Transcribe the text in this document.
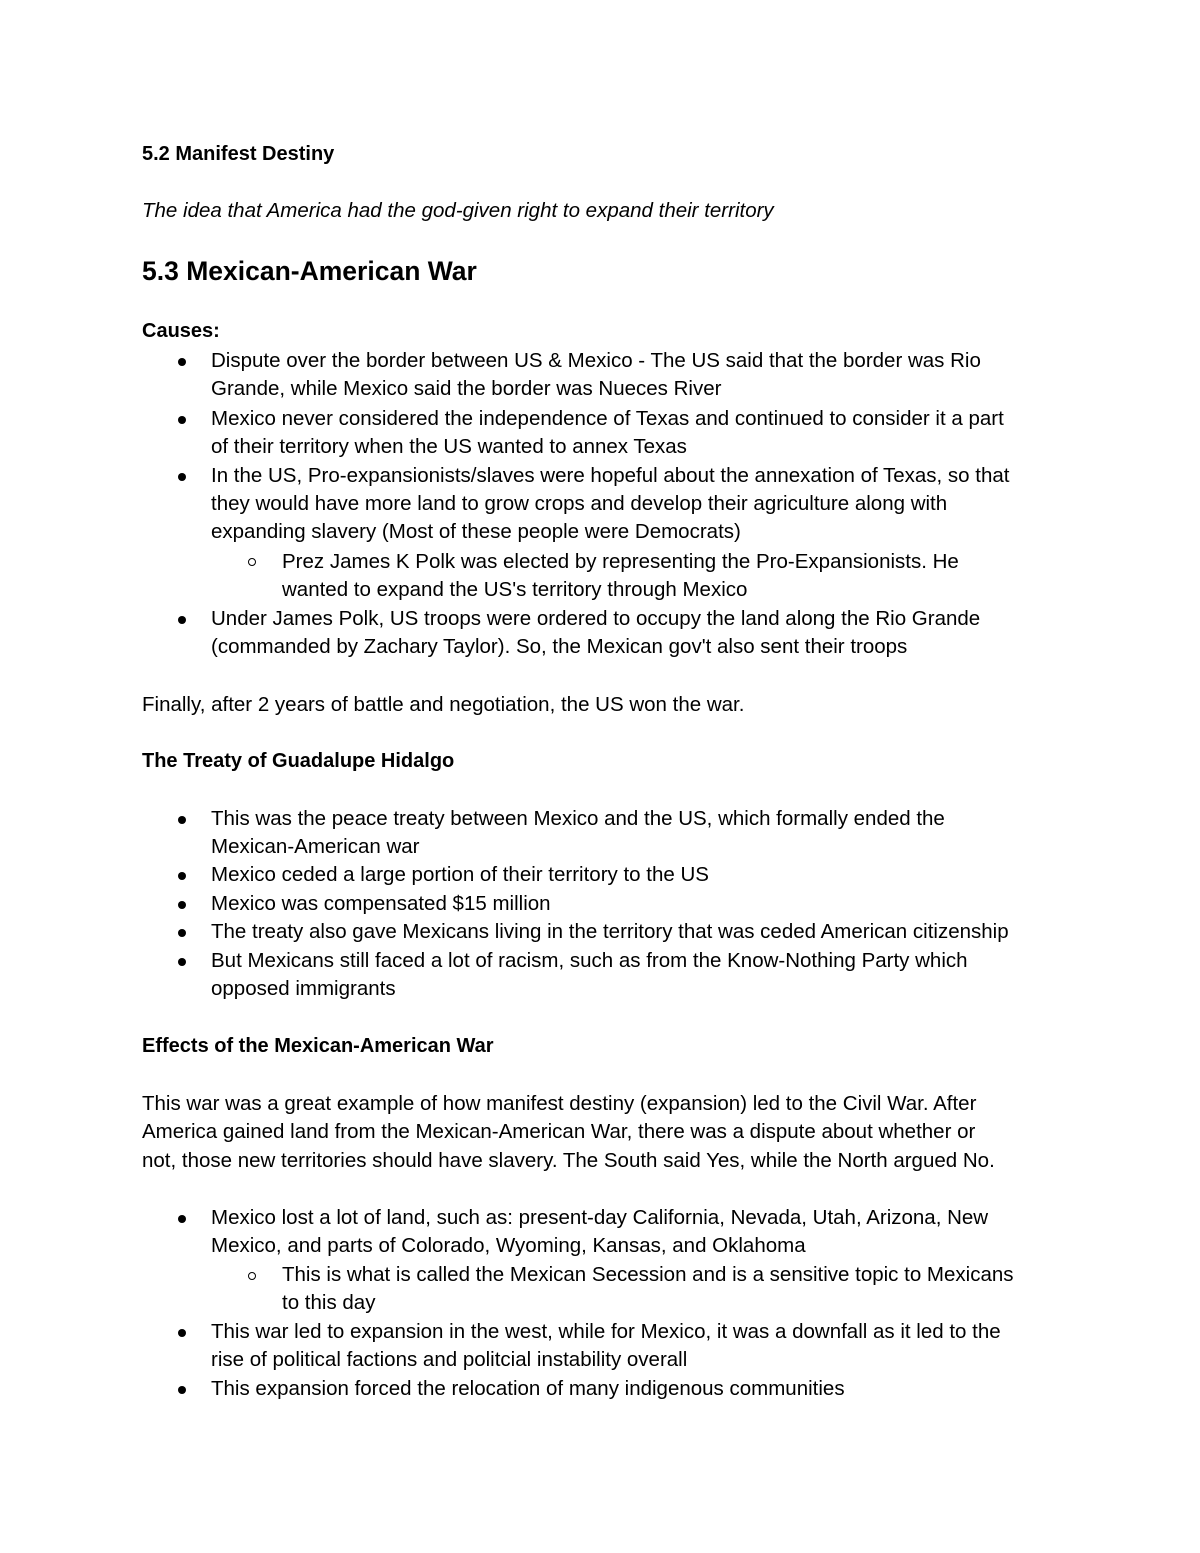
5.2 Manifest Destiny
The idea that America had the god-given right to expand their territory
5.3 Mexican-American War
Causes:
Dispute over the border between US & Mexico - The US said that the border was Rio
Grande, while Mexico said the border was Nueces River
Mexico never considered the independence of Texas and continued to consider it a part
of their territory when the US wanted to annex Texas
In the US, Pro-expansionists/slaves were hopeful about the annexation of Texas, so that
they would have more land to grow crops and develop their agriculture along with
expanding slavery (Most of these people were Democrats)
Prez James K Polk was elected by representing the Pro-Expansionists. He
wanted to expand the US's territory through Mexico
Under James Polk, US troops were ordered to occupy the land along the Rio Grande
(commanded by Zachary Taylor). So, the Mexican gov't also sent their troops
Finally, after 2 years of battle and negotiation, the US won the war.
The Treaty of Guadalupe Hidalgo
This was the peace treaty between Mexico and the US, which formally ended the
Mexican-American war
Mexico ceded a large portion of their territory to the US
Mexico was compensated $15 million
The treaty also gave Mexicans living in the territory that was ceded American citizenship
But Mexicans still faced a lot of racism, such as from the Know-Nothing Party which
opposed immigrants
Effects of the Mexican-American War
This war was a great example of how manifest destiny (expansion) led to the Civil War. After
America gained land from the Mexican-American War, there was a dispute about whether or
not, those new territories should have slavery. The South said Yes, while the North argued No.
Mexico lost a lot of land, such as: present-day California, Nevada, Utah, Arizona, New
Mexico, and parts of Colorado, Wyoming, Kansas, and Oklahoma
This is what is called the Mexican Secession and is a sensitive topic to Mexicans
to this day
This war led to expansion in the west, while for Mexico, it was a downfall as it led to the
rise of political factions and politcial instability overall
This expansion forced the relocation of many indigenous communities
